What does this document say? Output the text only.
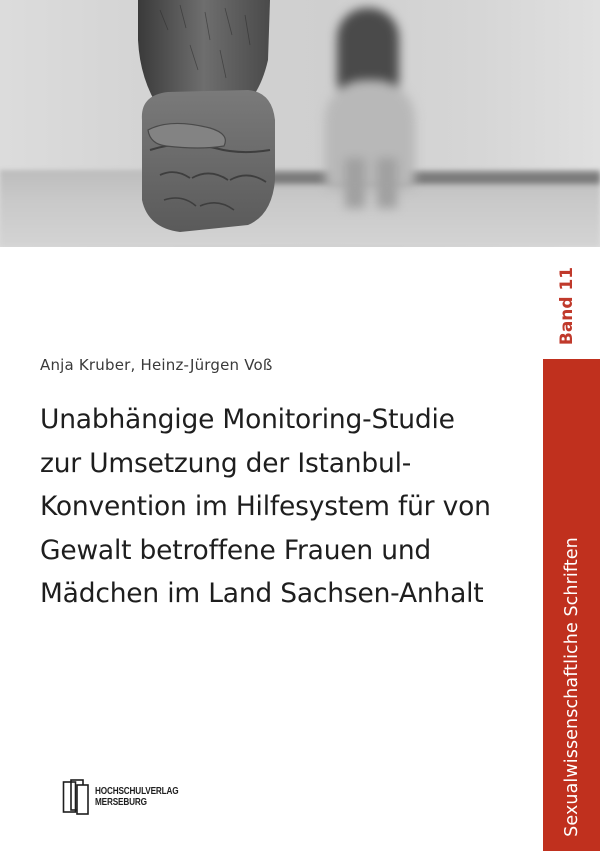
Anja Kruber, Heinz-Jürgen Voß
Unabhängige Monitoring-Studie
zur Umsetzung der Istanbul-
Konvention im Hilfesystem für von
Gewalt betroffene Frauen und
Mädchen im Land Sachsen-Anhalt
HOCHSCHULVERLAG
MERSEBURG
Band 11
Sexualwissenschaftliche Schriften
